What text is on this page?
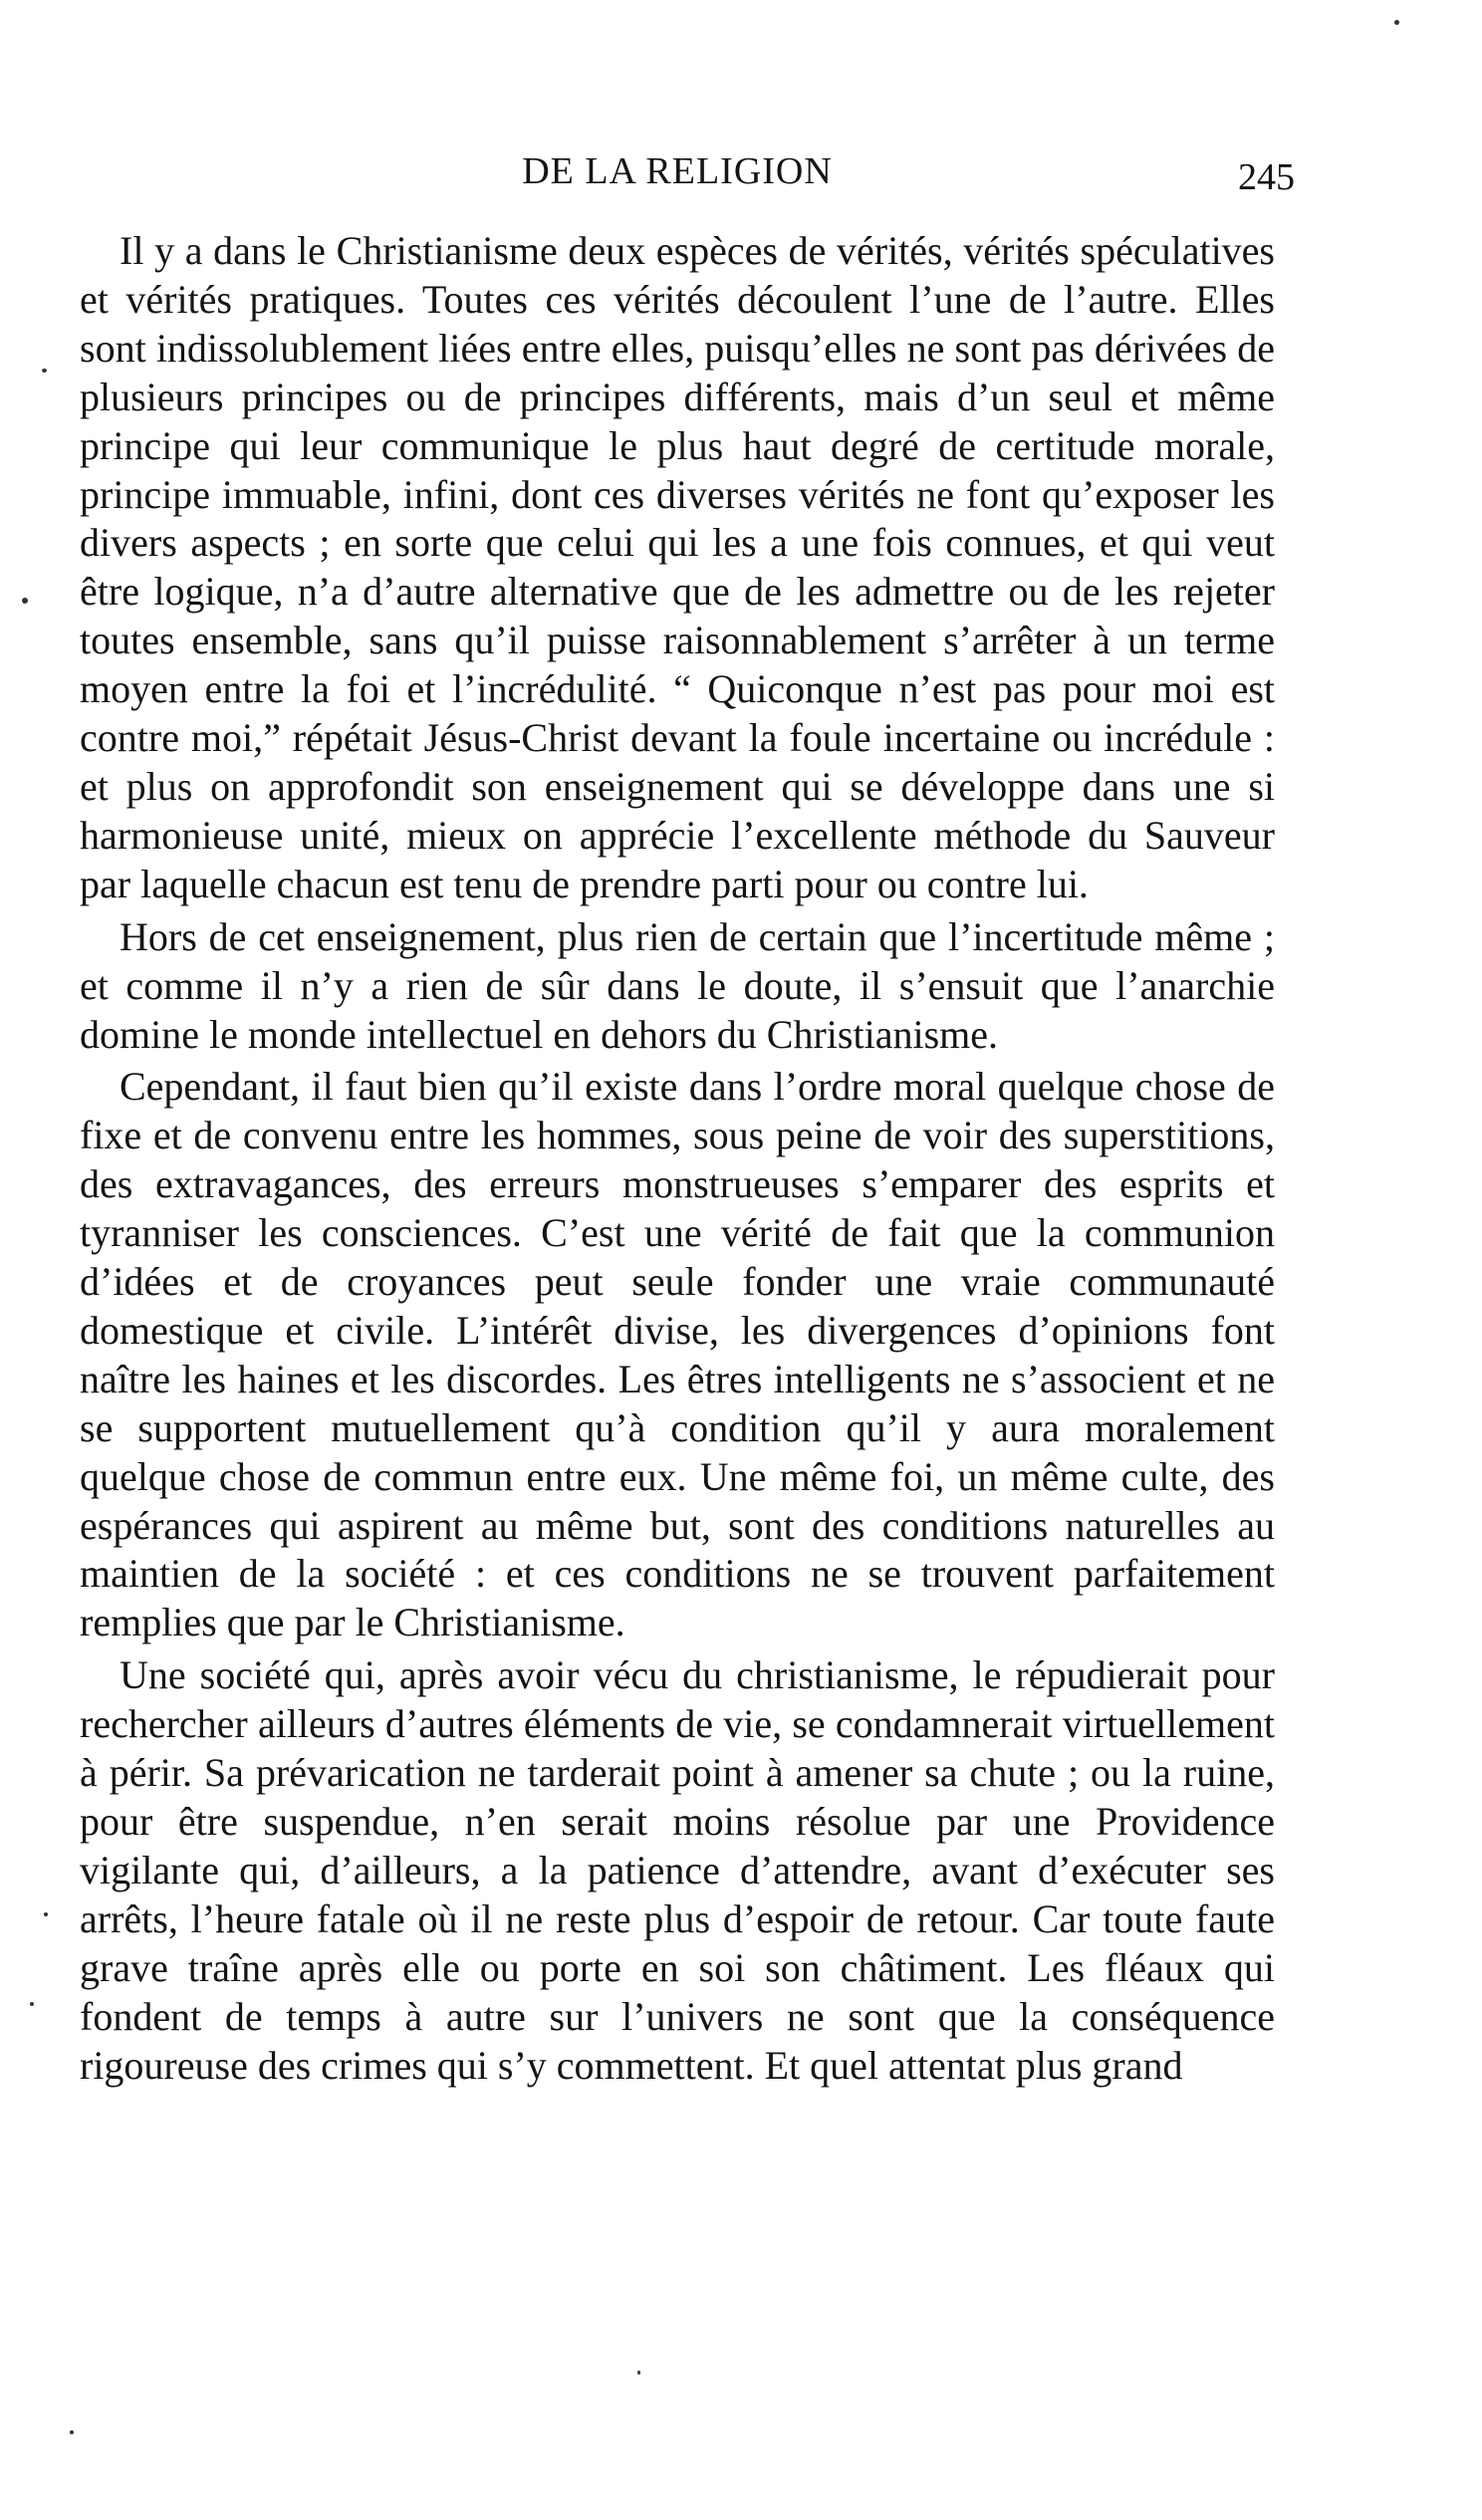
DE LA RELIGION	245

Il y a dans le Christianisme deux espèces de vérités, vérités spéculatives et vérités pratiques. Toutes ces vérités découlent l’une de l’autre. Elles sont indissolublement liées entre elles, puisqu’elles ne sont pas dérivées de plusieurs principes ou de principes différents, mais d’un seul et même principe qui leur communique le plus haut degré de certitude morale, principe immuable, infini, dont ces diverses vérités ne font qu’exposer les divers aspects ; en sorte que celui qui les a une fois connues, et qui veut être logique, n’a d’autre alternative que de les admettre ou de les rejeter toutes ensemble, sans qu’il puisse raisonnablement s’arrêter à un terme moyen entre la foi et l’incrédulité. “ Quiconque n’est pas pour moi est contre moi,” répétait Jésus-Christ devant la foule incertaine ou incrédule : et plus on approfondit son enseignement qui se développe dans une si harmonieuse unité, mieux on apprécie l’excellente méthode du Sauveur par laquelle chacun est tenu de prendre parti pour ou contre lui.

Hors de cet enseignement, plus rien de certain que l’incertitude même ; et comme il n’y a rien de sûr dans le doute, il s’ensuit que l’anarchie domine le monde intellectuel en dehors du Christianisme.

Cependant, il faut bien qu’il existe dans l’ordre moral quelque chose de fixe et de convenu entre les hommes, sous peine de voir des superstitions, des extravagances, des erreurs monstrueuses s’emparer des esprits et tyranniser les consciences. C’est une vérité de fait que la communion d’idées et de croyances peut seule fonder une vraie communauté domestique et civile. L’intérêt divise, les divergences d’opinions font naître les haines et les discordes. Les êtres intelligents ne s’associent et ne se supportent mutuellement qu’à condition qu’il y aura moralement quelque chose de commun entre eux. Une même foi, un même culte, des espérances qui aspirent au même but, sont des conditions naturelles au maintien de la société : et ces conditions ne se trouvent parfaitement remplies que par le Christianisme.

Une société qui, après avoir vécu du christianisme, le répudierait pour rechercher ailleurs d’autres éléments de vie, se condamnerait virtuellement à périr. Sa prévarication ne tarderait point à amener sa chute ; ou la ruine, pour être suspendue, n’en serait moins résolue par une Providence vigilante qui, d’ailleurs, a la patience d’attendre, avant d’exécuter ses arrêts, l’heure fatale où il ne reste plus d’espoir de retour. Car toute faute grave traîne après elle ou porte en soi son châtiment. Les fléaux qui fondent de temps à autre sur l’univers ne sont que la conséquence rigoureuse des crimes qui s’y commettent. Et quel attentat plus grand
